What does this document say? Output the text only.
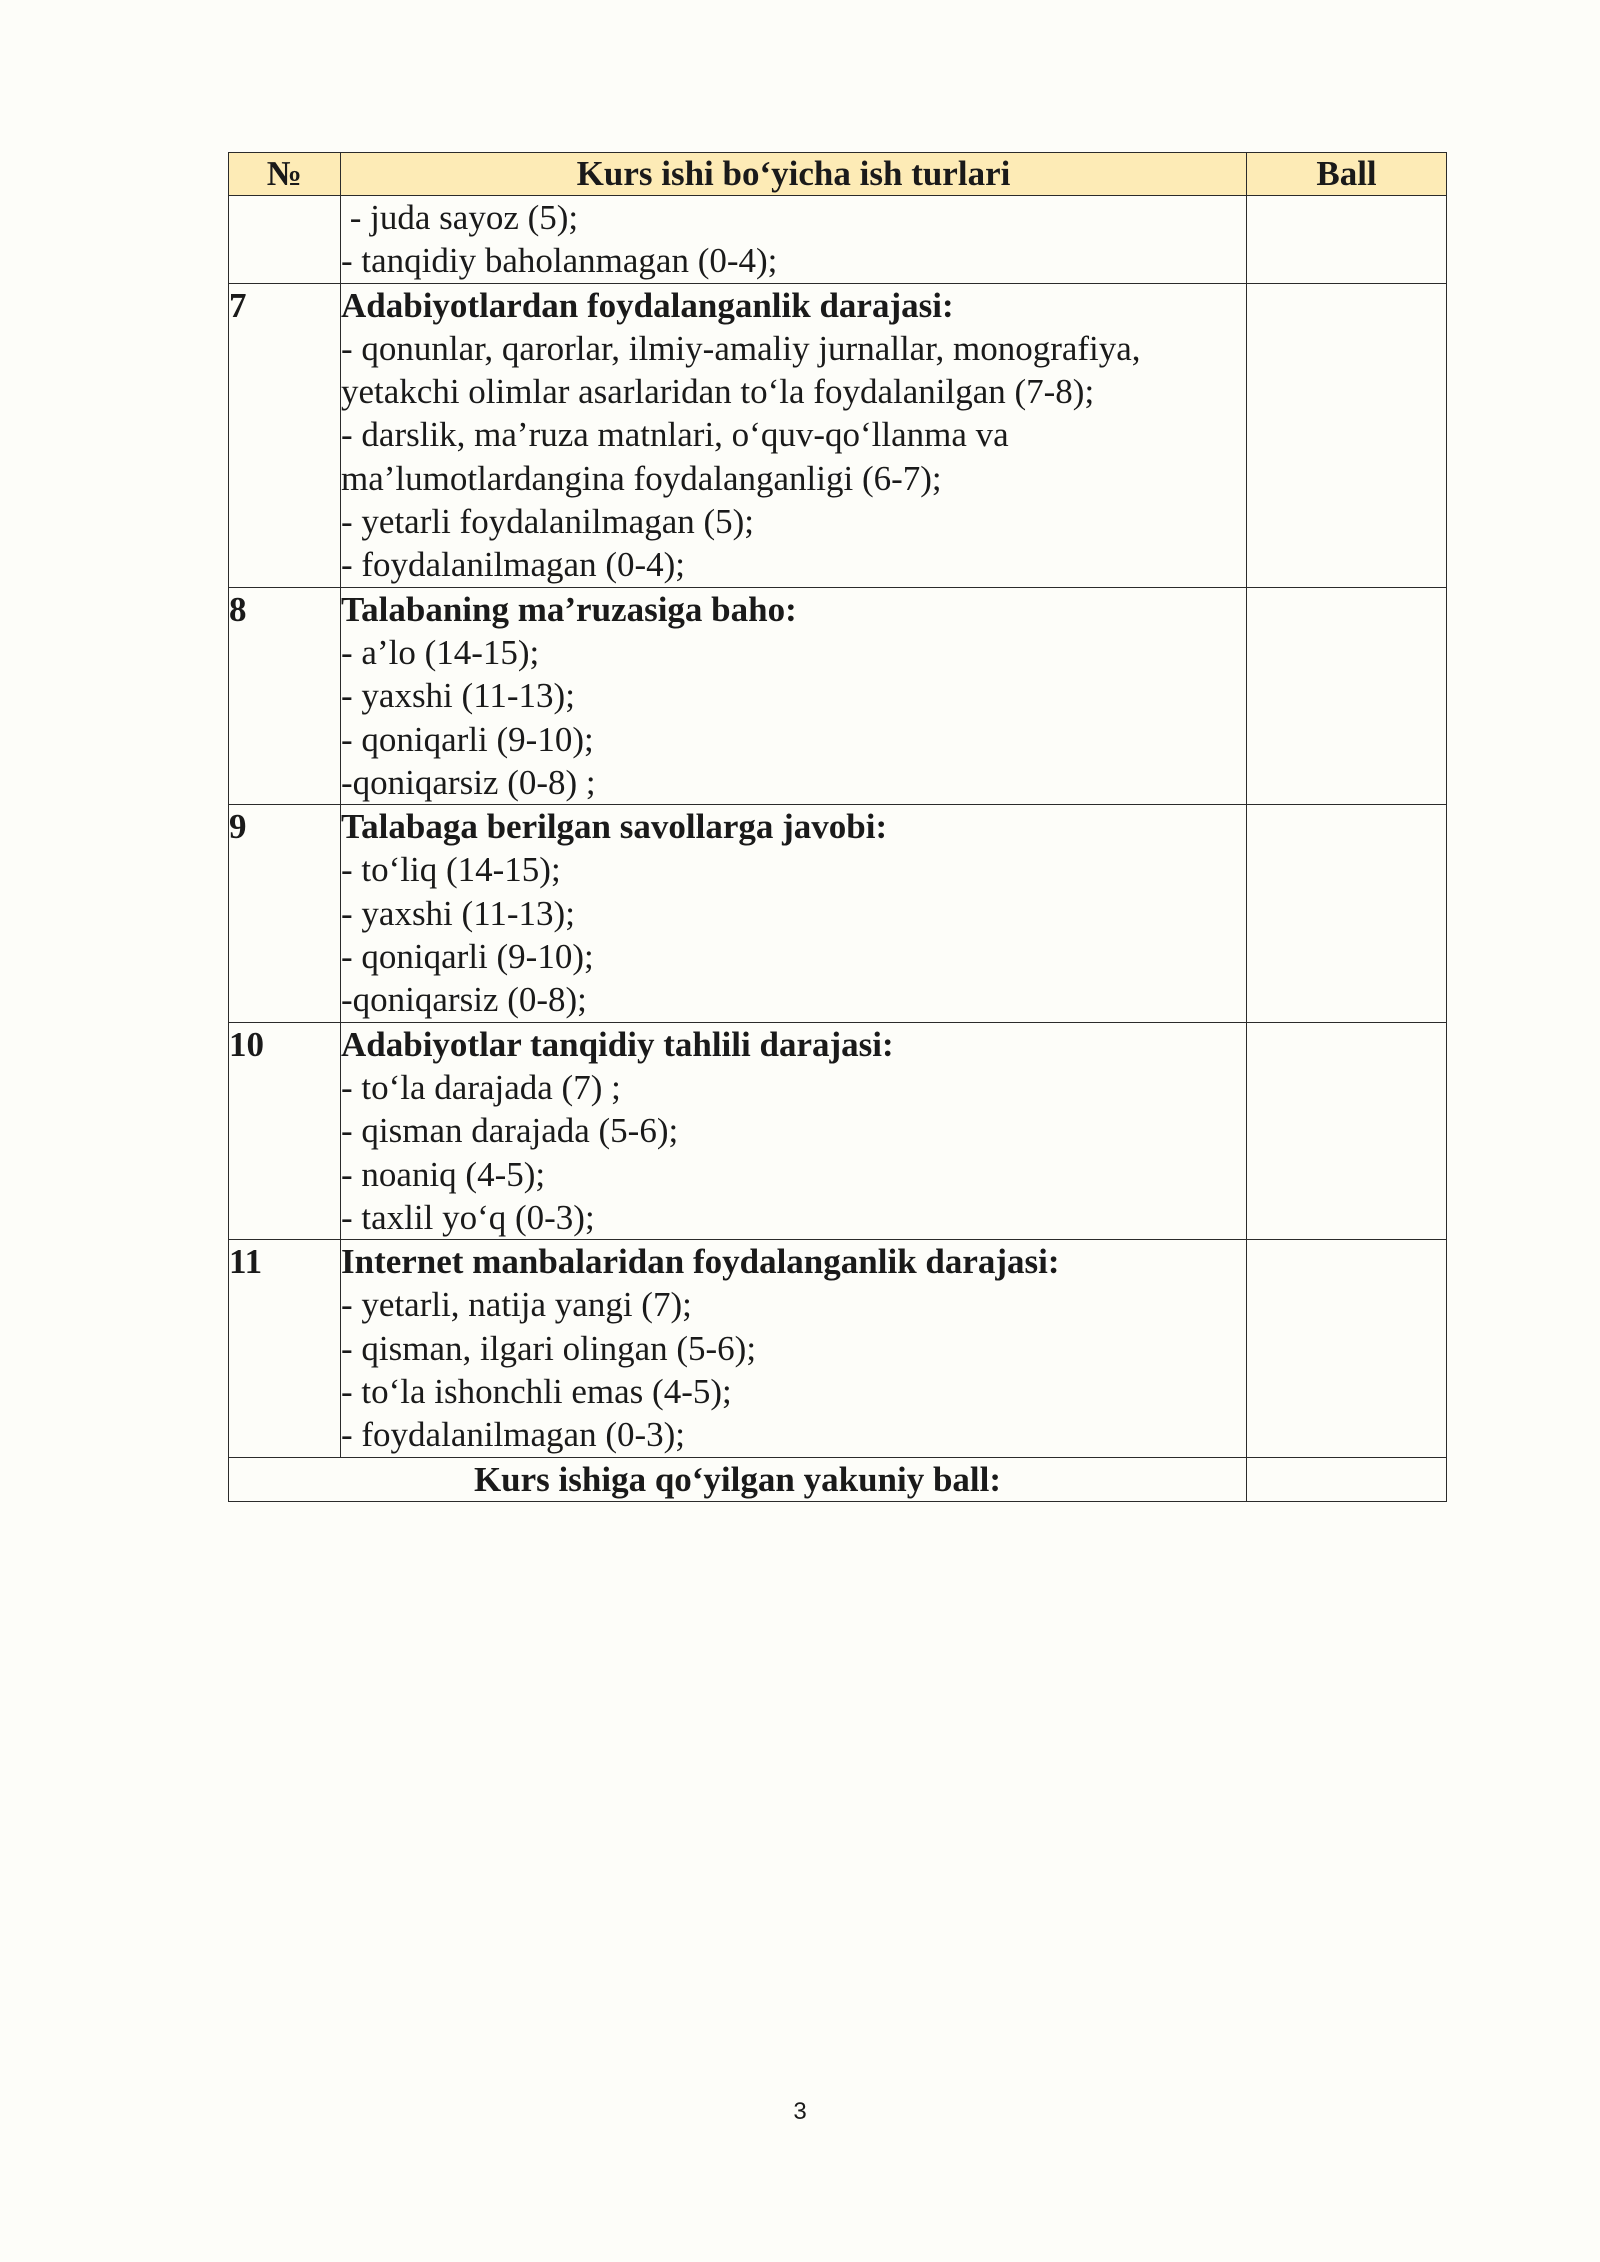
№	Kurs ishi bo‘yicha ish turlari	Ball

	- juda sayoz (5);
- tanqidiy baholanmagan (0-4);	

7	Adabiyotlardan foydalanganlik darajasi:
- qonunlar, qarorlar, ilmiy-amaliy jurnallar, monografiya, yetakchi olimlar asarlaridan to‘la foydalanilgan (7-8);
- darslik, ma’ruza matnlari, o‘quv-qo‘llanma va ma’lumotlardangina foydalanganligi (6-7);
- yetarli foydalanilmagan (5);
- foydalanilmagan (0-4);	

8	Talabaning ma’ruzasiga baho:
- a’lo (14-15);
- yaxshi (11-13);
- qoniqarli (9-10);
-qoniqarsiz (0-8) ;	

9	Talabaga berilgan savollarga javobi:
- to‘liq (14-15);
- yaxshi (11-13);
- qoniqarli (9-10);
-qoniqarsiz (0-8);	

10	Adabiyotlar tanqidiy tahlili darajasi:
- to‘la darajada (7) ;
- qisman darajada (5-6);
- noaniq (4-5);
- taxlil yo‘q (0-3);	

11	Internet manbalaridan foydalanganlik darajasi:
- yetarli, natija yangi (7);
- qisman, ilgari olingan (5-6);
- to‘la ishonchli emas (4-5);
- foydalanilmagan (0-3);	

Kurs ishiga qo‘yilgan yakuniy ball:		
3
